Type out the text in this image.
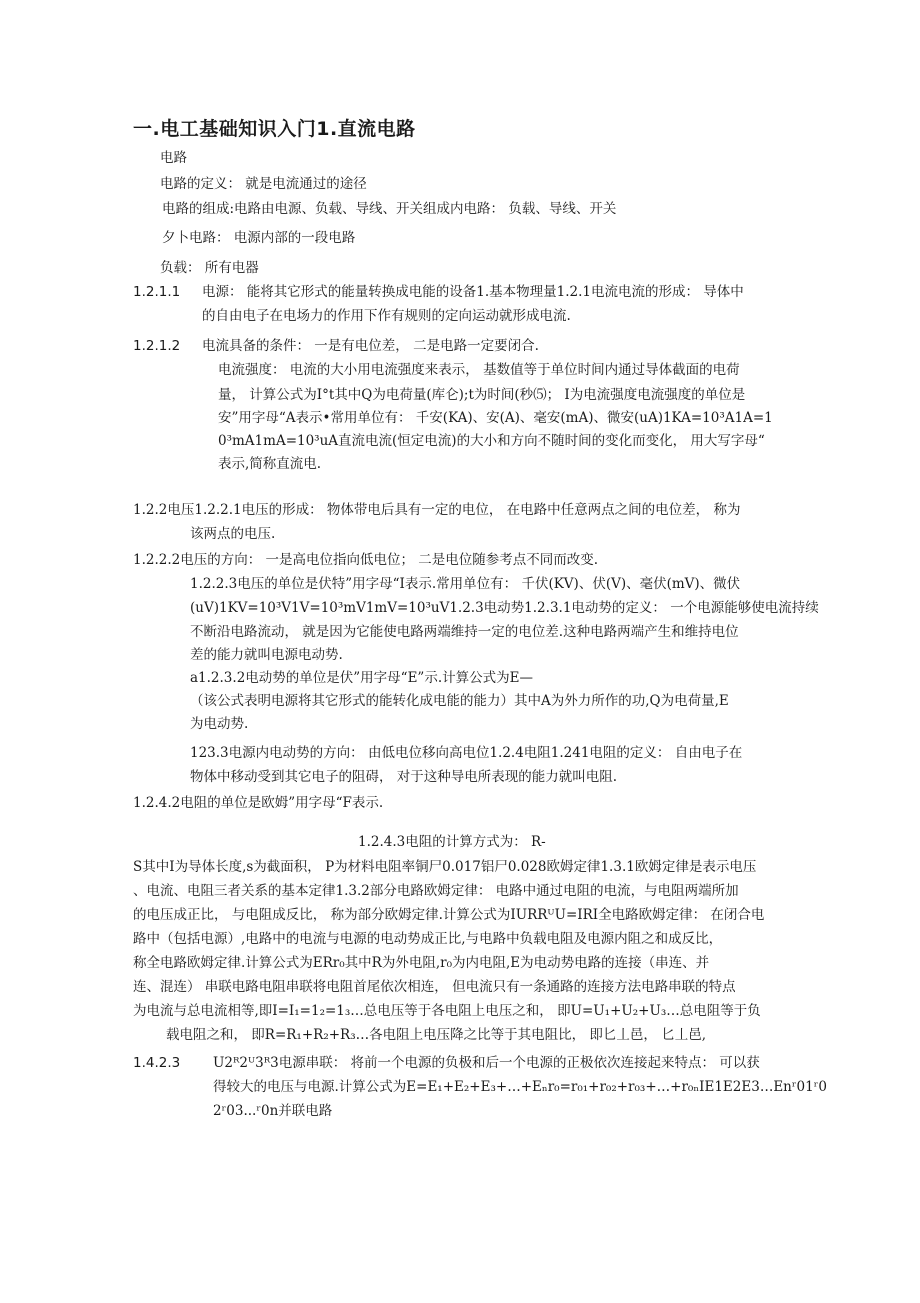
一.电工基础知识入门1.直流电路
电路
电路的定义： 就是电流通过的途径
电路的组成:电路由电源、负载、导线、开关组成内电路： 负载、导线、开关
夕卜电路： 电源内部的一段电路
负载： 所有电器
1.2.1.1 电源： 能将其它形式的能量转换成电能的设备1.基本物理量1.2.1电流电流的形成： 导体中
的自由电子在电场力的作用下作有规则的定向运动就形成电流.
1.2.1.2 电流具备的条件： 一是有电位差， 二是电路一定要闭合.
电流强度： 电流的大小用电流强度来表示， 基数值等于单位时间内通过导体截面的电荷
量， 计算公式为I°t其中Q为电荷量(库仑);t为时间(秒⑸； I为电流强度电流强度的单位是
安”用字母“A表示•常用单位有： 千安(KA)、安(A)、毫安(mA)、微安(uA)1KA=10³A1A=1
0³mA1mA=10³uA直流电流(恒定电流)的大小和方向不随时间的变化而变化， 用大写字母“
表示,简称直流电.
1.2.2电压1.2.2.1电压的形成： 物体带电后具有一定的电位， 在电路中任意两点之间的电位差， 称为
该两点的电压.
1.2.2.2电压的方向： 一是高电位指向低电位； 二是电位随参考点不同而改变.
1.2.2.3电压的单位是伏特”用字母“I表示.常用单位有： 千伏(KV)、伏(V)、毫伏(mV)、微伏
(uV)1KV=10³V1V=10³mV1mV=10³uV1.2.3电动势1.2.3.1电动势的定义： 一个电源能够使电流持续
不断沿电路流动， 就是因为它能使电路两端维持一定的电位差.这种电路两端产生和维持电位
差的能力就叫电源电动势.
a1.2.3.2电动势的单位是伏”用字母“E”示.计算公式为E—
（该公式表明电源将其它形式的能转化成电能的能力）其中A为外力所作的功,Q为电荷量,E
为电动势.
123.3电源内电动势的方向： 由低电位移向高电位1.2.4电阻1.241电阻的定义： 自由电子在
物体中移动受到其它电子的阻碍， 对于这种导电所表现的能力就叫电阻.
1.2.4.2电阻的单位是欧姆”用字母“F表示.
1.2.4.3电阻的计算方式为： R-
S其中I为导体长度,s为截面积， P为材料电阻率铜尸0.017铝尸0.028欧姆定律1.3.1欧姆定律是表示电压
、电流、电阻三者关系的基本定律1.3.2部分电路欧姆定律： 电路中通过电阻的电流，与电阻两端所加
的电压成正比， 与电阻成反比， 称为部分欧姆定律.计算公式为IURRᵁU=IRI全电路欧姆定律： 在闭合电
路中（包括电源）,电路中的电流与电源的电动势成正比,与电路中负载电阻及电源内阻之和成反比，
称全电路欧姆定律.计算公式为ERr₀其中R为外电阻,r₀为内电阻,E为电动势电路的连接（串连、并
连、混连） 串联电路电阻串联将电阻首尾依次相连， 但电流只有一条通路的连接方法电路串联的特点
为电流与总电流相等,即I=I₁=1₂=1₃…总电压等于各电阻上电压之和， 即U=U₁+U₂+U₃…总电阻等于负
载电阻之和， 即R=R₁+R₂+R₃…各电阻上电压降之比等于其电阻比， 即匕丄邑， 匕丄邑,
1.4.2.3 U2ᴿ2ᵁ3ᴿ3电源串联： 将前一个电源的负极和后一个电源的正极依次连接起来特点： 可以获
得较大的电压与电源.计算公式为E=E₁+E₂+E₃+…+Eₙr₀=r₀₁+r₀₂+r₀₃+…+r₀ₙIE1E2E3…Enʳ01ʳ0
2ʳ03...ʳ0n并联电路
